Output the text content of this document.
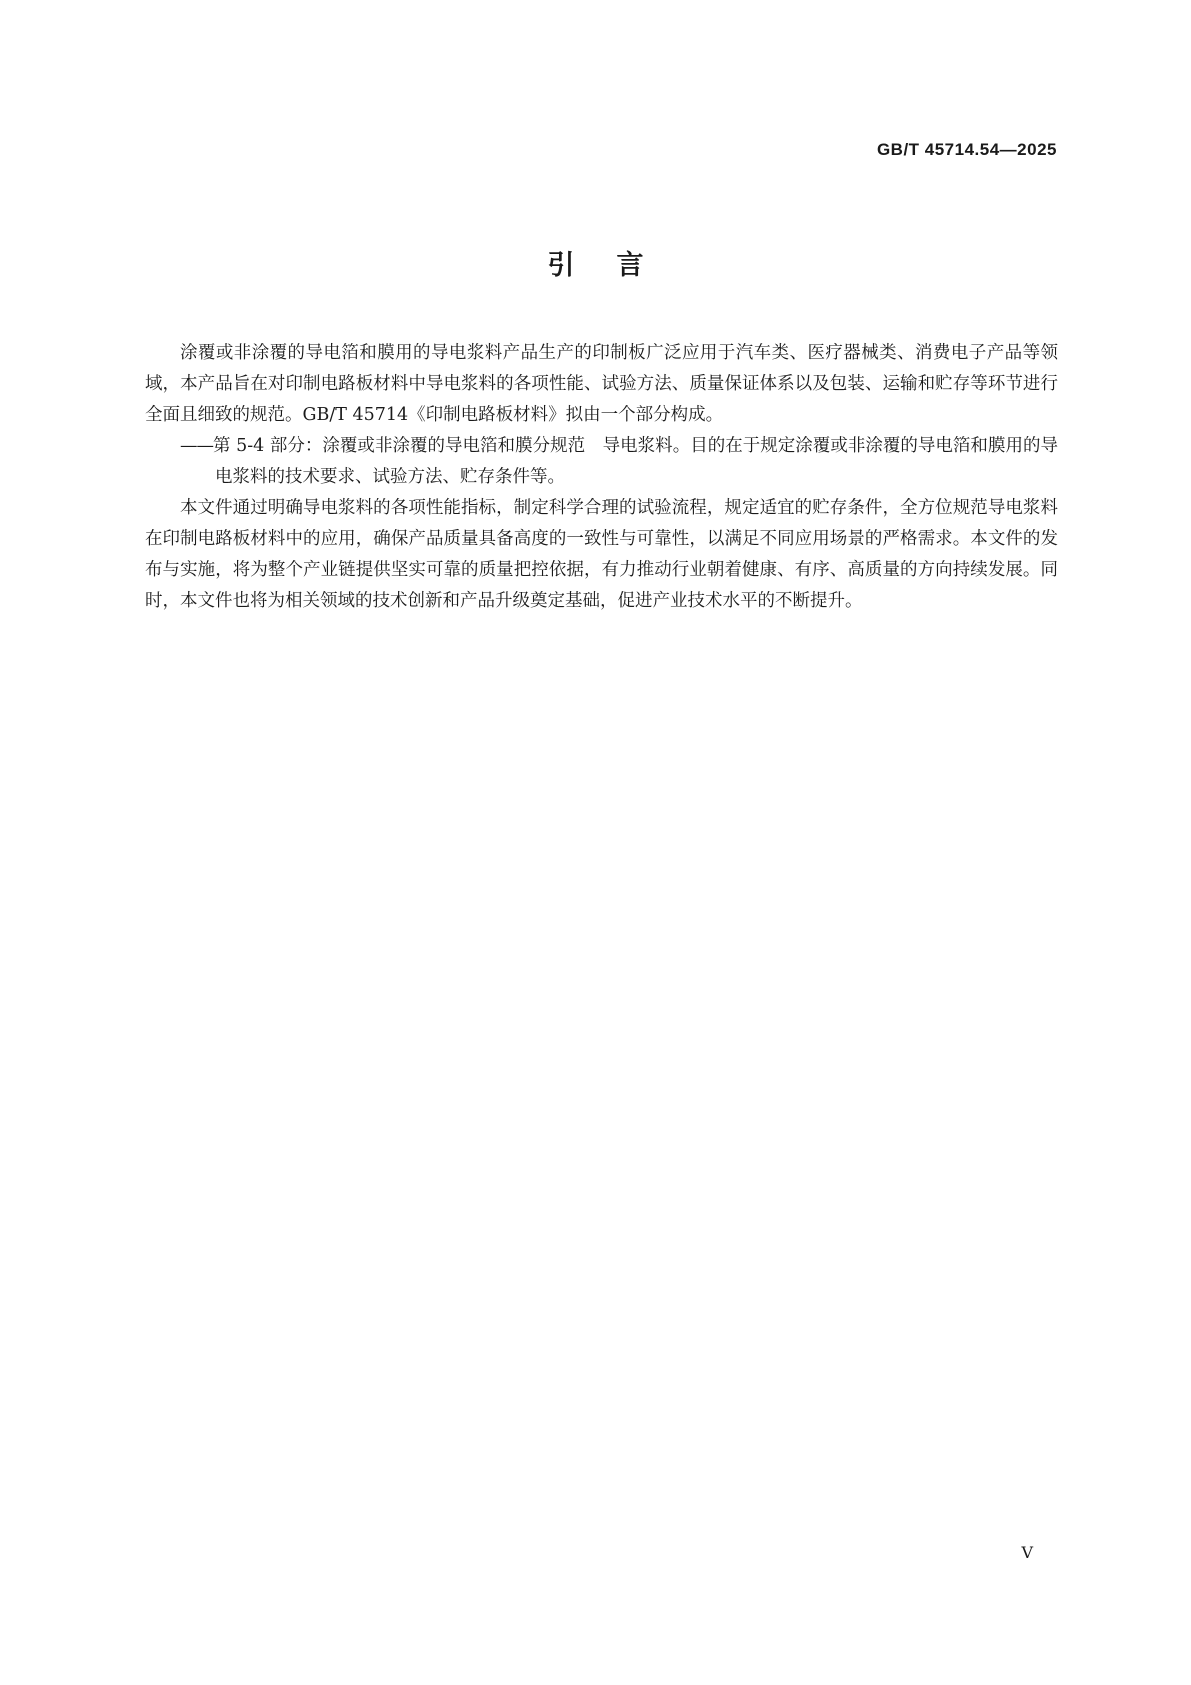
GB/T 45714.54—2025
引言

涂覆或非涂覆的导电箔和膜用的导电浆料产品生产的印制板广泛应用于汽车类、医疗器械类、消费电子产品等领域，本产品旨在对印制电路板材料中导电浆料的各项性能、试验方法、质量保证体系以及包装、运输和贮存等环节进行全面且细致的规范。GB/T 45714《印制电路板材料》拟由一个部分构成。

——第 5-4 部分：涂覆或非涂覆的导电箔和膜分规范　导电浆料。目的在于规定涂覆或非涂覆的导电箔和膜用的导电浆料的技术要求、试验方法、贮存条件等。

本文件通过明确导电浆料的各项性能指标，制定科学合理的试验流程，规定适宜的贮存条件，全方位规范导电浆料在印制电路板材料中的应用，确保产品质量具备高度的一致性与可靠性，以满足不同应用场景的严格需求。本文件的发布与实施，将为整个产业链提供坚实可靠的质量把控依据，有力推动行业朝着健康、有序、高质量的方向持续发展。同时，本文件也将为相关领域的技术创新和产品升级奠定基础，促进产业技术水平的不断提升。

V
